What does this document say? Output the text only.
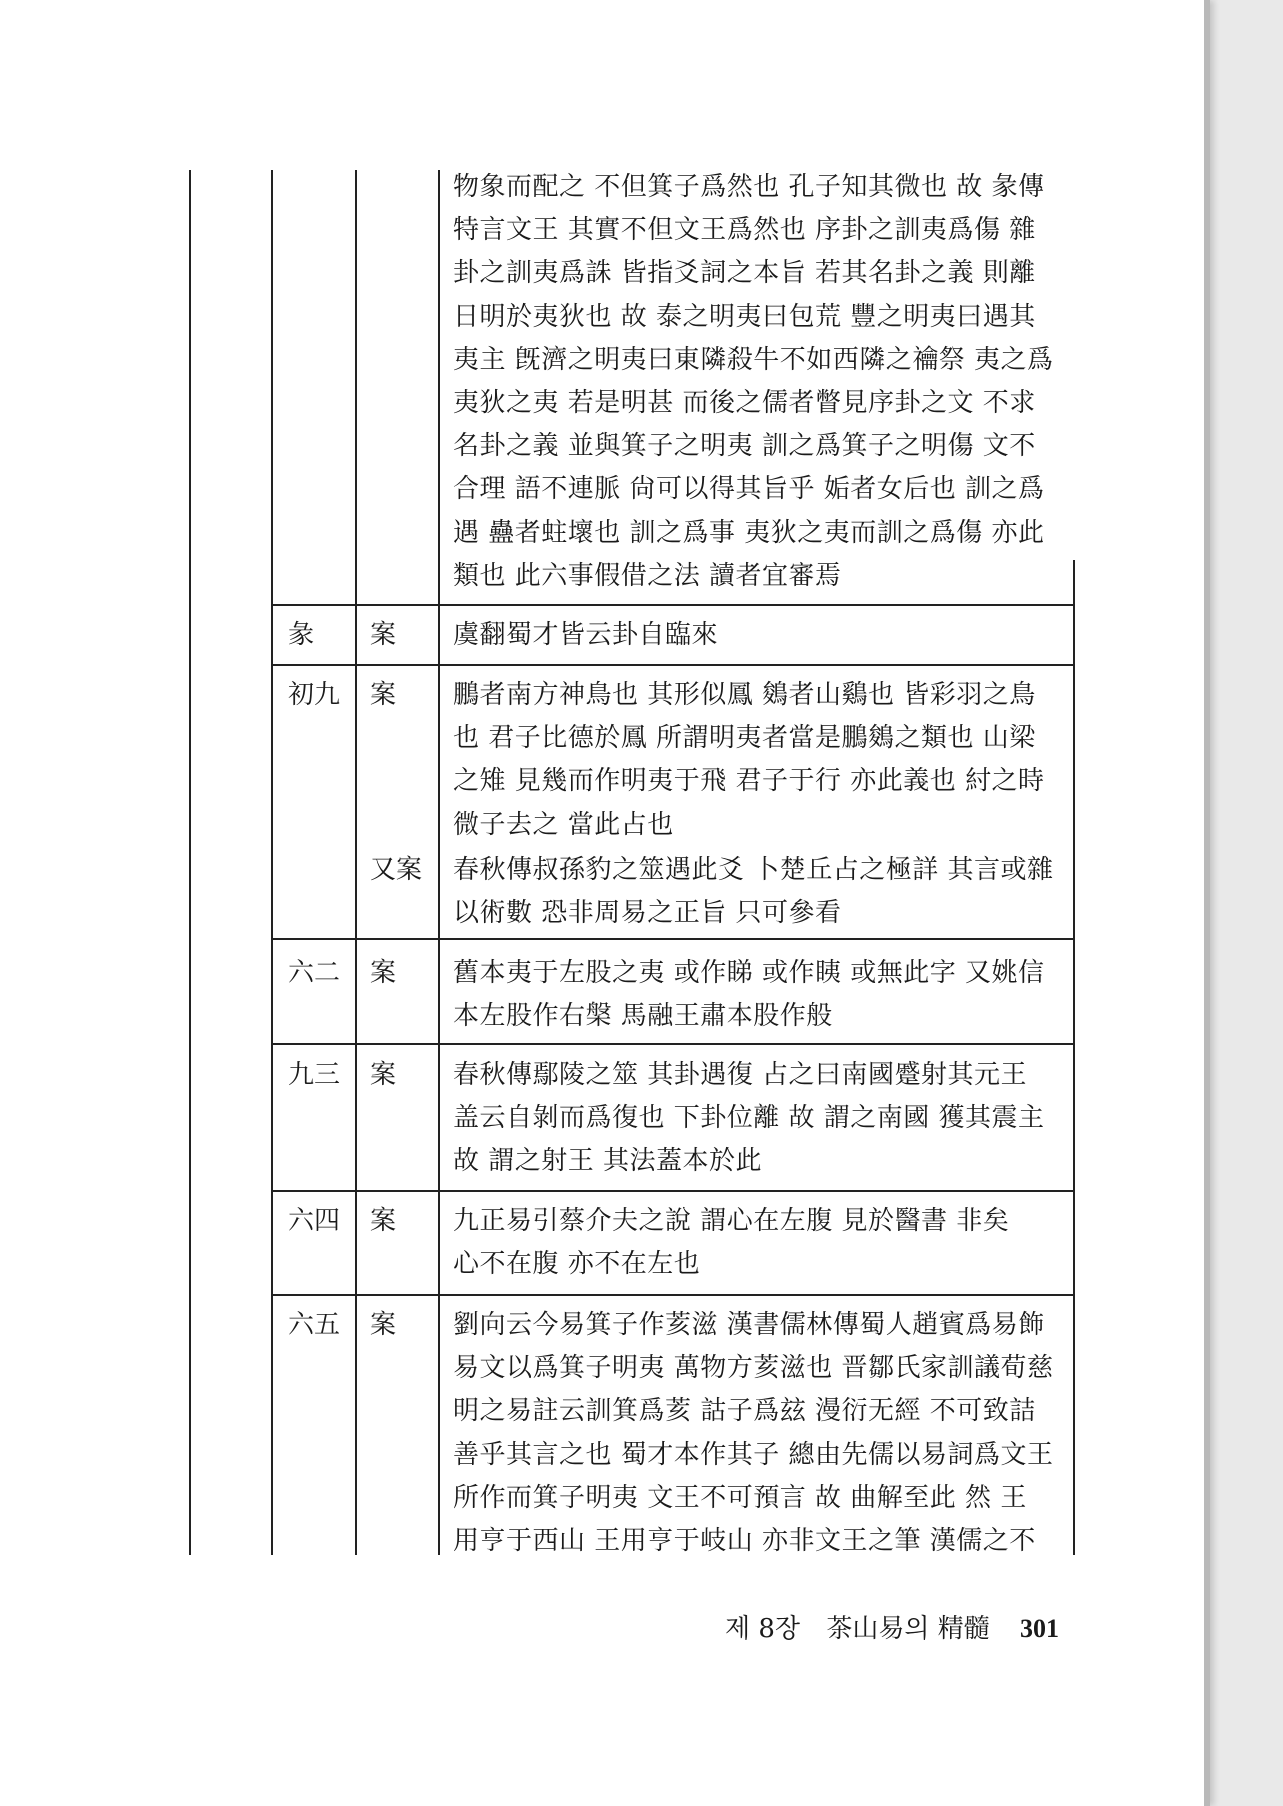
物象而配之 不但箕子爲然也 孔子知其微也 故 彖傳
特言文王 其實不但文王爲然也 序卦之訓夷爲傷 雜
卦之訓夷爲誅 皆指爻詞之本旨 若其名卦之義 則離
日明於夷狄也 故 泰之明夷曰包荒 豐之明夷曰遇其
夷主 旣濟之明夷曰東隣殺牛不如西隣之禴祭 夷之爲
夷狄之夷 若是明甚 而後之儒者瞥見序卦之文 不求
名卦之義 並與箕子之明夷 訓之爲箕子之明傷 文不
合理 語不連脈 尙可以得其旨乎 姤者女后也 訓之爲
遇 蠱者蛀壞也 訓之爲事 夷狄之夷而訓之爲傷 亦此
類也 此六事假借之法 讀者宜審焉
彖 案 虞翻蜀才皆云卦自臨來
初九 案 鵬者南方神鳥也 其形似鳳 鵕者山鷄也 皆彩羽之鳥
也 君子比德於鳳 所謂明夷者當是鵬鵕之類也 山梁
之雉 見幾而作明夷于飛 君子于行 亦此義也 紂之時
微子去之 當此占也
又案 春秋傳叔孫豹之筮遇此爻 卜楚丘占之極詳 其言或雜
以術數 恐非周易之正旨 只可參看
六二 案 舊本夷于左股之夷 或作睇 或作眱 或無此字 又姚信
本左股作右槃 馬融王肅本股作般
九三 案 春秋傳鄢陵之筮 其卦遇復 占之曰南國蹙射其元王
盖云自剝而爲復也 下卦位離 故 謂之南國 獲其震主
故 謂之射王 其法蓋本於此
六四 案 九正易引蔡介夫之說 謂心在左腹 見於醫書 非矣
心不在腹 亦不在左也
六五 案 劉向云今易箕子作荄滋 漢書儒林傳蜀人趙賓爲易飾
易文以爲箕子明夷 萬物方荄滋也 晋鄒氏家訓議荀慈
明之易註云訓箕爲荄 詁子爲玆 漫衍无經 不可致詰
善乎其言之也 蜀才本作其子 總由先儒以易詞爲文王
所作而箕子明夷 文王不可預言 故 曲解至此 然 王
用亨于西山 王用亨于岐山 亦非文王之筆 漢儒之不
제 8장 茶山易의 精髓 301
